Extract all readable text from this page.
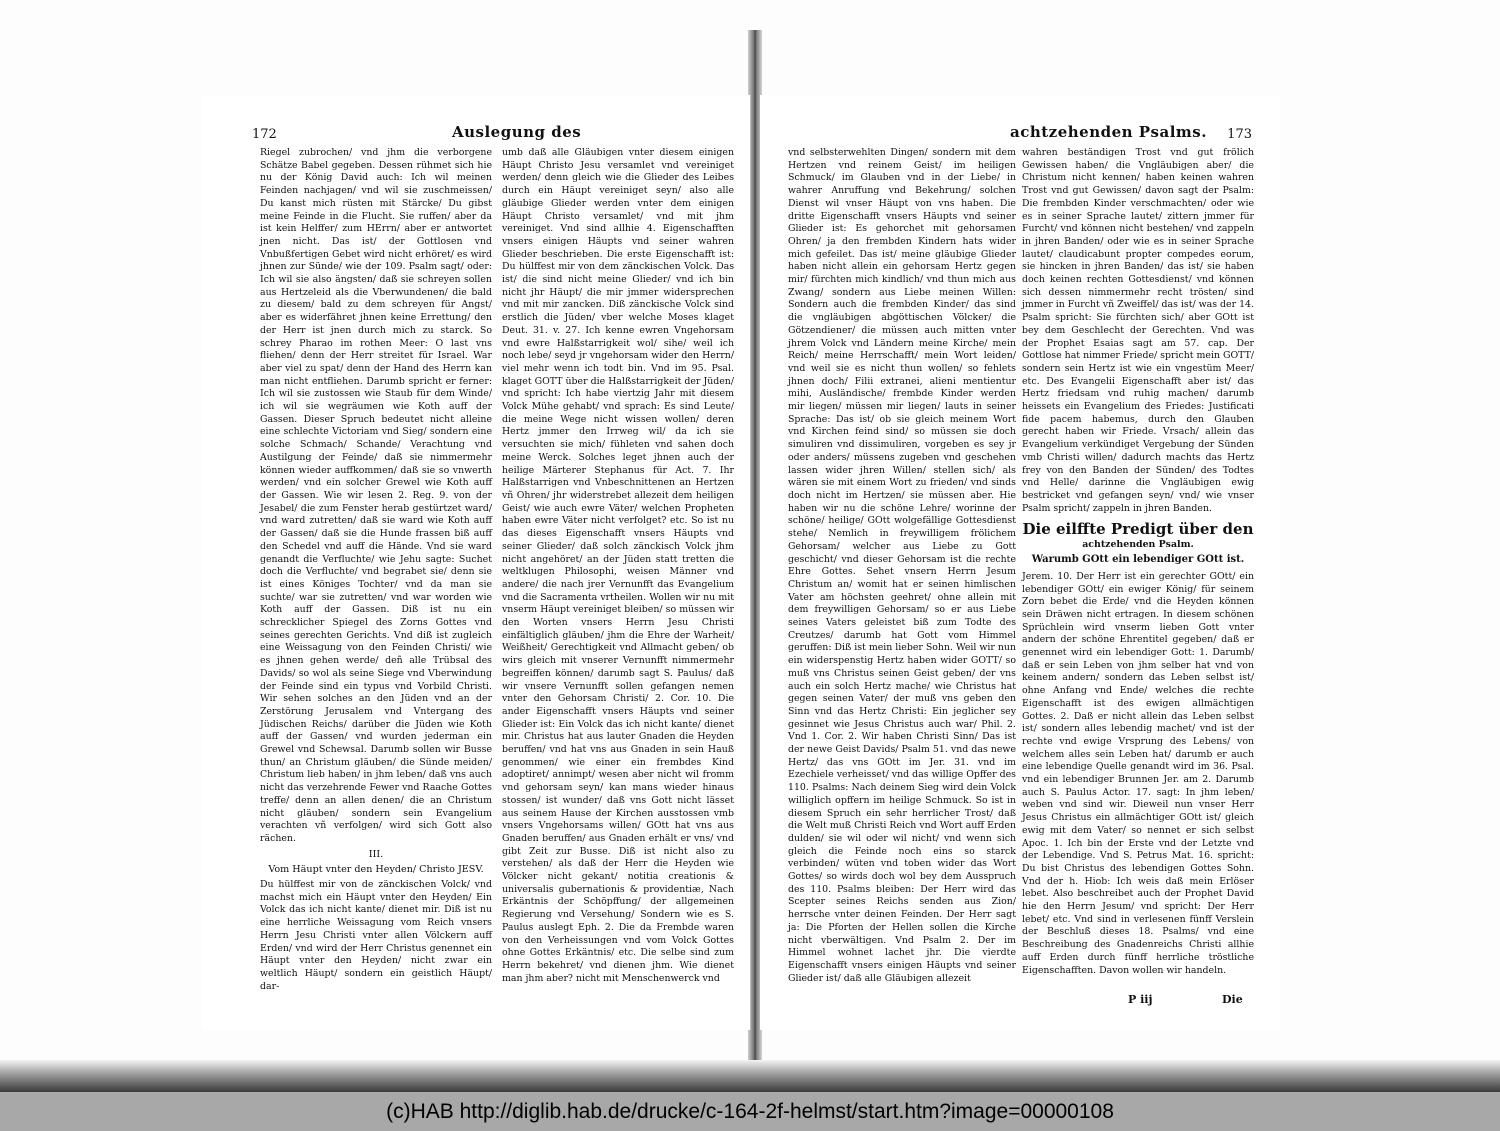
172	Auslegung des

Riegel zubrochen/ vnd jhm die verborgene Schätze Babel gegeben. Dessen rühmet sich hie nu der König David auch: Ich wil meinen Feinden nachjagen/ vnd wil sie zuschmeissen/ Du kanst mich rüsten mit Stärcke/ Du gibst meine Feinde in die Flucht. Sie ruffen/ aber da ist kein Helffer/ zum HErrn/ aber er antwortet jnen nicht. Das ist/ der Gottlosen vnd Vnbußfertigen Gebet wird nicht erhöret/ es wird jhnen zur Sünde/ wie der 109. Psalm sagt/ oder: Ich wil sie also ängsten/ daß sie schreyen sollen aus Hertzeleid als die Vberwundenen/ die bald zu diesem/ bald zu dem schreyen für Angst/ aber es widerfähret jhnen keine Errettung/ den der Herr ist jnen durch mich zu starck. So schrey Pharao im rothen Meer: O last vns fliehen/ denn der Herr streitet für Israel. War aber viel zu spat/ denn der Hand des Herrn kan man nicht entfliehen. Darumb spricht er ferner: Ich wil sie zustossen wie Staub für dem Winde/ ich wil sie wegräumen wie Koth auff der Gassen. Dieser Spruch bedeutet nicht alleine eine schlechte Victoriam vnd Sieg/ sondern eine solche Schmach/ Schande/ Verachtung vnd Austilgung der Feinde/ daß sie nimmermehr können wieder auffkommen/ daß sie so vnwerth werden/ vnd ein solcher Grewel wie Koth auff der Gassen. Wie wir lesen 2. Reg. 9. von der Jesabel/ die zum Fenster herab gestürtzet ward/ vnd ward zutretten/ daß sie ward wie Koth auff der Gassen/ daß sie die Hunde frassen biß auff den Schedel vnd auff die Hände. Vnd sie ward genandt die Verfluchte/ wie Jehu sagte: Suchet doch die Verfluchte/ vnd begrabet sie/ denn sie ist eines Königes Tochter/ vnd da man sie suchte/ war sie zutretten/ vnd war worden wie Koth auff der Gassen. Diß ist nu ein schrecklicher Spiegel des Zorns Gottes vnd seines gerechten Gerichts. Vnd diß ist zugleich eine Weissagung von den Feinden Christi/ wie es jhnen gehen werde/ deñ alle Trübsal des Davids/ so wol als seine Siege vnd Vberwindung der Feinde sind ein typus vnd Vorbild Christi. Wir sehen solches an den Jüden vnd an der Zerstörung Jerusalem vnd Vntergang des Jüdischen Reichs/ darüber die Jüden wie Koth auff der Gassen/ vnd wurden jederman ein Grewel vnd Schewsal. Darumb sollen wir Busse thun/ an Christum gläuben/ die Sünde meiden/ Christum lieb haben/ in jhm leben/ daß vns auch nicht das verzehrende Fewer vnd Raache Gottes treffe/ denn an allen denen/ die an Christum nicht gläuben/ sondern sein Evangelium verachten vñ verfolgen/ wird sich Gott also rächen.

III.
Vom Häupt vnter den Heyden/ Christo JESV.

Du hülffest mir von de zänckischen Volck/ vnd machst mich ein Häupt vnter den Heyden/ Ein Volck das ich nicht kante/ dienet mir. Diß ist nu eine herrliche Weissagung vom Reich vnsers Herrn Jesu Christi vnter allen Völckern auff Erden/ vnd wird der Herr Christus genennet ein Häupt vnter den Heyden/ nicht zwar ein weltlich Häupt/ sondern ein geistlich Häupt/ dar-

umb daß alle Gläubigen vnter diesem einigen Häupt Christo Jesu versamlet vnd vereiniget werden/ denn gleich wie die Glieder des Leibes durch ein Häupt vereiniget seyn/ also alle gläubige Glieder werden vnter dem einigen Häupt Christo versamlet/ vnd mit jhm vereiniget. Vnd sind allhie 4. Eigenschafften vnsers einigen Häupts vnd seiner wahren Glieder beschrieben. Die erste Eigenschafft ist: Du hülffest mir von dem zänckischen Volck. Das ist/ die sind nicht meine Glieder/ vnd ich bin nicht jhr Häupt/ die mir jmmer widersprechen vnd mit mir zancken. Diß zänckische Volck sind erstlich die Jüden/ vber welche Moses klaget Deut. 31. v. 27. Ich kenne ewren Vngehorsam vnd ewre Halßstarrigkeit wol/ sihe/ weil ich noch lebe/ seyd jr vngehorsam wider den Herrn/ viel mehr wenn ich todt bin. Vnd im 95. Psal. klaget GOTT über die Halßstarrigkeit der Jüden/ vnd spricht: Ich habe viertzig Jahr mit diesem Volck Mühe gehabt/ vnd sprach: Es sind Leute/ die meine Wege nicht wissen wollen/ deren Hertz jmmer den Irrweg wil/ da ich sie versuchten sie mich/ fühleten vnd sahen doch meine Werck. Solches leget jhnen auch der heilige Märterer Stephanus für Act. 7. Ihr Halßstarrigen vnd Vnbeschnittenen an Hertzen vñ Ohren/ jhr widerstrebet allezeit dem heiligen Geist/ wie auch ewre Väter/ welchen Propheten haben ewre Väter nicht verfolget? etc. So ist nu das dieses Eigenschafft vnsers Häupts vnd seiner Glieder/ daß solch zänckisch Volck jhm nicht angehöret/ an der Jüden statt tretten die weltklugen Philosophi, weisen Männer vnd andere/ die nach jrer Vernunfft das Evangelium vnd die Sacramenta vrtheilen. Wollen wir nu mit vnserm Häupt vereiniget bleiben/ so müssen wir den Worten vnsers Herrn Jesu Christi einfältiglich gläuben/ jhm die Ehre der Warheit/ Weißheit/ Gerechtigkeit vnd Allmacht geben/ ob wirs gleich mit vnserer Vernunfft nimmermehr begreiffen können/ darumb sagt S. Paulus/ daß wir vnsere Vernunfft sollen gefangen nemen vnter den Gehorsam Christi/ 2. Cor. 10. Die ander Eigenschafft vnsers Häupts vnd seiner Glieder ist: Ein Volck das ich nicht kante/ dienet mir. Christus hat aus lauter Gnaden die Heyden beruffen/ vnd hat vns aus Gnaden in sein Hauß genommen/ wie einer ein frembdes Kind adoptiret/ annimpt/ wesen aber nicht wil fromm vnd gehorsam seyn/ kan mans wieder hinaus stossen/ ist wunder/ daß vns Gott nicht lässet aus seinem Hause der Kirchen ausstossen vmb vnsers Vngehorsams willen/ GOtt hat vns aus Gnaden beruffen/ aus Gnaden erhält er vns/ vnd gibt Zeit zur Busse. Diß ist nicht also zu verstehen/ als daß der Herr die Heyden wie Völcker nicht gekant/ notitia creationis & universalis gubernationis & providentiæ, Nach Erkäntnis der Schöpffung/ der allgemeinen Regierung vnd Versehung/ Sondern wie es S. Paulus auslegt Eph. 2. Die da Frembde waren von den Verheissungen vnd vom Volck Gottes ohne Gottes Erkäntnis/ etc. Die selbe sind zum Herrn bekehret/ vnd dienen jhm. Wie dienet man jhm aber? nicht mit Menschenwerck vnd

achtzehenden Psalms. 173

vnd selbsterwehlten Dingen/ sondern mit dem Hertzen vnd reinem Geist/ im heiligen Schmuck/ im Glauben vnd in der Liebe/ in wahrer Anruffung vnd Bekehrung/ solchen Dienst wil vnser Häupt von vns haben. Die dritte Eigenschafft vnsers Häupts vnd seiner Glieder ist: Es gehorchet mit gehorsamen Ohren/ ja den frembden Kindern hats wider mich gefeilet. Das ist/ meine gläubige Glieder haben nicht allein ein gehorsam Hertz gegen mir/ fürchten mich kindlich/ vnd thun mich aus Zwang/ sondern aus Liebe meinen Willen: Sondern auch die frembden Kinder/ das sind die vngläubigen abgöttischen Völcker/ die Götzendiener/ die müssen auch mitten vnter jhrem Volck vnd Ländern meine Kirche/ mein Reich/ meine Herrschafft/ mein Wort leiden/ vnd weil sie es nicht thun wollen/ so fehlets jhnen doch/ Filii extranei, alieni mentientur mihi, Ausländische/ frembde Kinder werden mir liegen/ müssen mir liegen/ lauts in seiner Sprache: Das ist/ ob sie gleich meinem Wort vnd Kirchen feind sind/ so müssen sie doch simuliren vnd dissimuliren, vorgeben es sey jr oder anders/ müssens zugeben vnd geschehen lassen wider jhren Willen/ stellen sich/ als wären sie mit einem Wort zu frieden/ vnd sinds doch nicht im Hertzen/ sie müssen aber. Hie haben wir nu die schöne Lehre/ worinne der schöne/ heilige/ GOtt wolgefällige Gottesdienst stehe/ Nemlich in freywilligem frölichem Gehorsam/ welcher aus Liebe zu Gott geschicht/ vnd dieser Gehorsam ist die rechte Ehre Gottes. Sehet vnsern Herrn Jesum Christum an/ womit hat er seinen himlischen Vater am höchsten geehret/ ohne allein mit dem freywilligen Gehorsam/ so er aus Liebe seines Vaters geleistet biß zum Todte des Creutzes/ darumb hat Gott vom Himmel geruffen: Diß ist mein lieber Sohn. Weil wir nun ein widerspenstig Hertz haben wider GOTT/ so muß vns Christus seinen Geist geben/ der vns auch ein solch Hertz mache/ wie Christus hat gegen seinen Vater/ der muß vns geben den Sinn vnd das Hertz Christi: Ein jeglicher sey gesinnet wie Jesus Christus auch war/ Phil. 2. Vnd 1. Cor. 2. Wir haben Christi Sinn/ Das ist der newe Geist Davids/ Psalm 51. vnd das newe Hertz/ das vns GOtt im Jer. 31. vnd im Ezechiele verheisset/ vnd das willige Opffer des 110. Psalms: Nach deinem Sieg wird dein Volck williglich opffern im heilige Schmuck. So ist in diesem Spruch ein sehr herrlicher Trost/ daß die Welt muß Christi Reich vnd Wort auff Erden dulden/ sie wil oder wil nicht/ vnd wenn sich gleich die Feinde noch eins so starck verbinden/ wüten vnd toben wider das Wort Gottes/ so wirds doch wol bey dem Ausspruch des 110. Psalms bleiben: Der Herr wird das Scepter seines Reichs senden aus Zion/ herrsche vnter deinen Feinden. Der Herr sagt ja: Die Pforten der Hellen sollen die Kirche nicht vberwältigen. Vnd Psalm 2. Der im Himmel wohnet lachet jhr. Die vierdte Eigenschafft vnsers einigen Häupts vnd seiner Glieder ist/ daß alle Gläubigen allezeit

wahren beständigen Trost vnd gut frölich Gewissen haben/ die Vngläubigen aber/ die Christum nicht kennen/ haben keinen wahren Trost vnd gut Gewissen/ davon sagt der Psalm: Die frembden Kinder verschmachten/ oder wie es in seiner Sprache lautet/ zittern jmmer für Furcht/ vnd können nicht bestehen/ vnd zappeln in jhren Banden/ oder wie es in seiner Sprache lautet/ claudicabunt propter compedes eorum, sie hincken in jhren Banden/ das ist/ sie haben doch keinen rechten Gottesdienst/ vnd können sich dessen nimmermehr recht trösten/ sind jmmer in Furcht vñ Zweiffel/ das ist/ was der 14. Psalm spricht: Sie fürchten sich/ aber GOtt ist bey dem Geschlecht der Gerechten. Vnd was der Prophet Esaias sagt am 57. cap. Der Gottlose hat nimmer Friede/ spricht mein GOTT/ sondern sein Hertz ist wie ein vngestüm Meer/ etc. Des Evangelii Eigenschafft aber ist/ das Hertz friedsam vnd ruhig machen/ darumb heissets ein Evangelium des Friedes: Justificati fide pacem habemus, durch den Glauben gerecht haben wir Friede. Vrsach/ allein das Evangelium verkündiget Vergebung der Sünden vmb Christi willen/ dadurch machts das Hertz frey von den Banden der Sünden/ des Todtes vnd Helle/ darinne die Vngläubigen ewig bestricket vnd gefangen seyn/ vnd/ wie vnser Psalm spricht/ zappeln in jhren Banden.

Die eilffte Predigt über den
achtzehenden Psalm.
Warumb GOtt ein lebendiger GOtt ist.

Jerem. 10. Der Herr ist ein gerechter GOtt/ ein lebendiger GOtt/ ein ewiger König/ für seinem Zorn bebet die Erde/ vnd die Heyden können sein Dräwen nicht ertragen. In diesem schönen Sprüchlein wird vnserm lieben Gott vnter andern der schöne Ehrentitel gegeben/ daß er genennet wird ein lebendiger Gott: 1. Darumb/ daß er sein Leben von jhm selber hat vnd von keinem andern/ sondern das Leben selbst ist/ ohne Anfang vnd Ende/ welches die rechte Eigenschafft ist des ewigen allmächtigen Gottes. 2. Daß er nicht allein das Leben selbst ist/ sondern alles lebendig machet/ vnd ist der rechte vnd ewige Vrsprung des Lebens/ von welchem alles sein Leben hat/ darumb er auch eine lebendige Quelle genandt wird im 36. Psal. vnd ein lebendiger Brunnen Jer. am 2. Darumb auch S. Paulus Actor. 17. sagt: In jhm leben/ weben vnd sind wir. Dieweil nun vnser Herr Jesus Christus ein allmächtiger GOtt ist/ gleich ewig mit dem Vater/ so nennet er sich selbst Apoc. 1. Ich bin der Erste vnd der Letzte vnd der Lebendige. Vnd S. Petrus Mat. 16. spricht: Du bist Christus des lebendigen Gottes Sohn. Vnd der h. Hiob: Ich weis daß mein Erlöser lebet. Also beschreibet auch der Prophet David hie den Herrn Jesum/ vnd spricht: Der Herr lebet/ etc. Vnd sind in verlesenen fünff Verslein der Beschluß dieses 18. Psalms/ vnd eine Beschreibung des Gnadenreichs Christi allhie auff Erden durch fünff herrliche tröstliche Eigenschafften. Davon wollen wir handeln.

P iij	Die
(c)HAB http://diglib.hab.de/drucke/c-164-2f-helmst/start.htm?image=00000108
